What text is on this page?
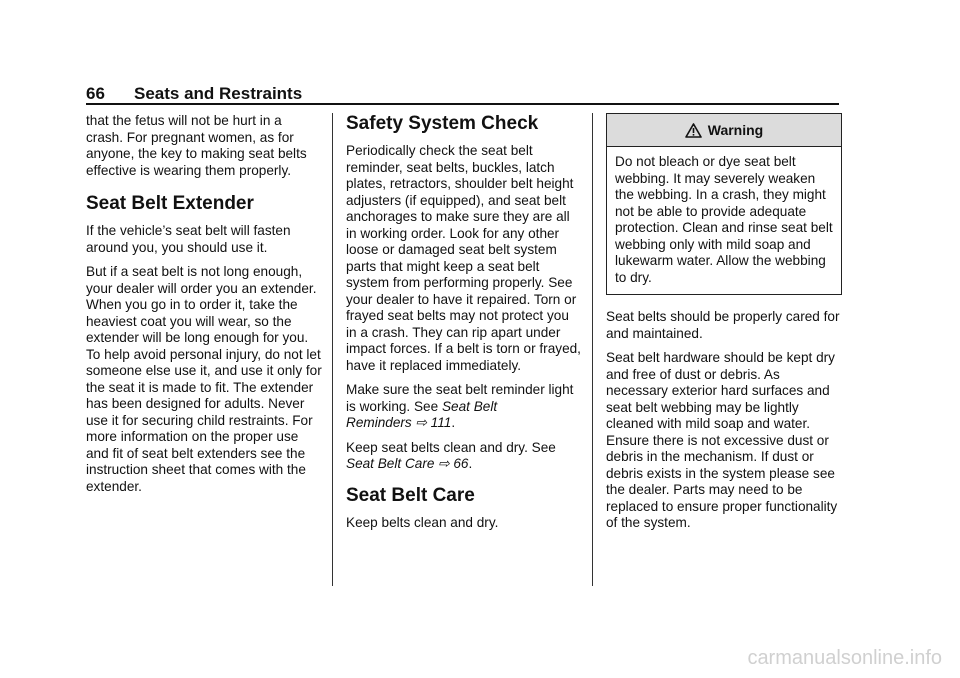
66 Seats and Restraints

that the fetus will not be hurt in a crash. For pregnant women, as for anyone, the key to making seat belts effective is wearing them properly.

Seat Belt Extender

If the vehicle’s seat belt will fasten around you, you should use it.

But if a seat belt is not long enough, your dealer will order you an extender. When you go in to order it, take the heaviest coat you will wear, so the extender will be long enough for you. To help avoid personal injury, do not let someone else use it, and use it only for the seat it is made to fit. The extender has been designed for adults. Never use it for securing child restraints. For more information on the proper use and fit of seat belt extenders see the instruction sheet that comes with the extender.

Safety System Check

Periodically check the seat belt reminder, seat belts, buckles, latch plates, retractors, shoulder belt height adjusters (if equipped), and seat belt anchorages to make sure they are all in working order. Look for any other loose or damaged seat belt system parts that might keep a seat belt system from performing properly. See your dealer to have it repaired. Torn or frayed seat belts may not protect you in a crash. They can rip apart under impact forces. If a belt is torn or frayed, have it replaced immediately.

Make sure the seat belt reminder light is working. See Seat Belt Reminders ⇨ 111.

Keep seat belts clean and dry. See Seat Belt Care ⇨ 66.

Seat Belt Care

Keep belts clean and dry.

Warning
Do not bleach or dye seat belt webbing. It may severely weaken the webbing. In a crash, they might not be able to provide adequate protection. Clean and rinse seat belt webbing only with mild soap and lukewarm water. Allow the webbing to dry.

Seat belts should be properly cared for and maintained.

Seat belt hardware should be kept dry and free of dust or debris. As necessary exterior hard surfaces and seat belt webbing may be lightly cleaned with mild soap and water. Ensure there is not excessive dust or debris in the mechanism. If dust or debris exists in the system please see the dealer. Parts may need to be replaced to ensure proper functionality of the system.

carmanualsonline.info
